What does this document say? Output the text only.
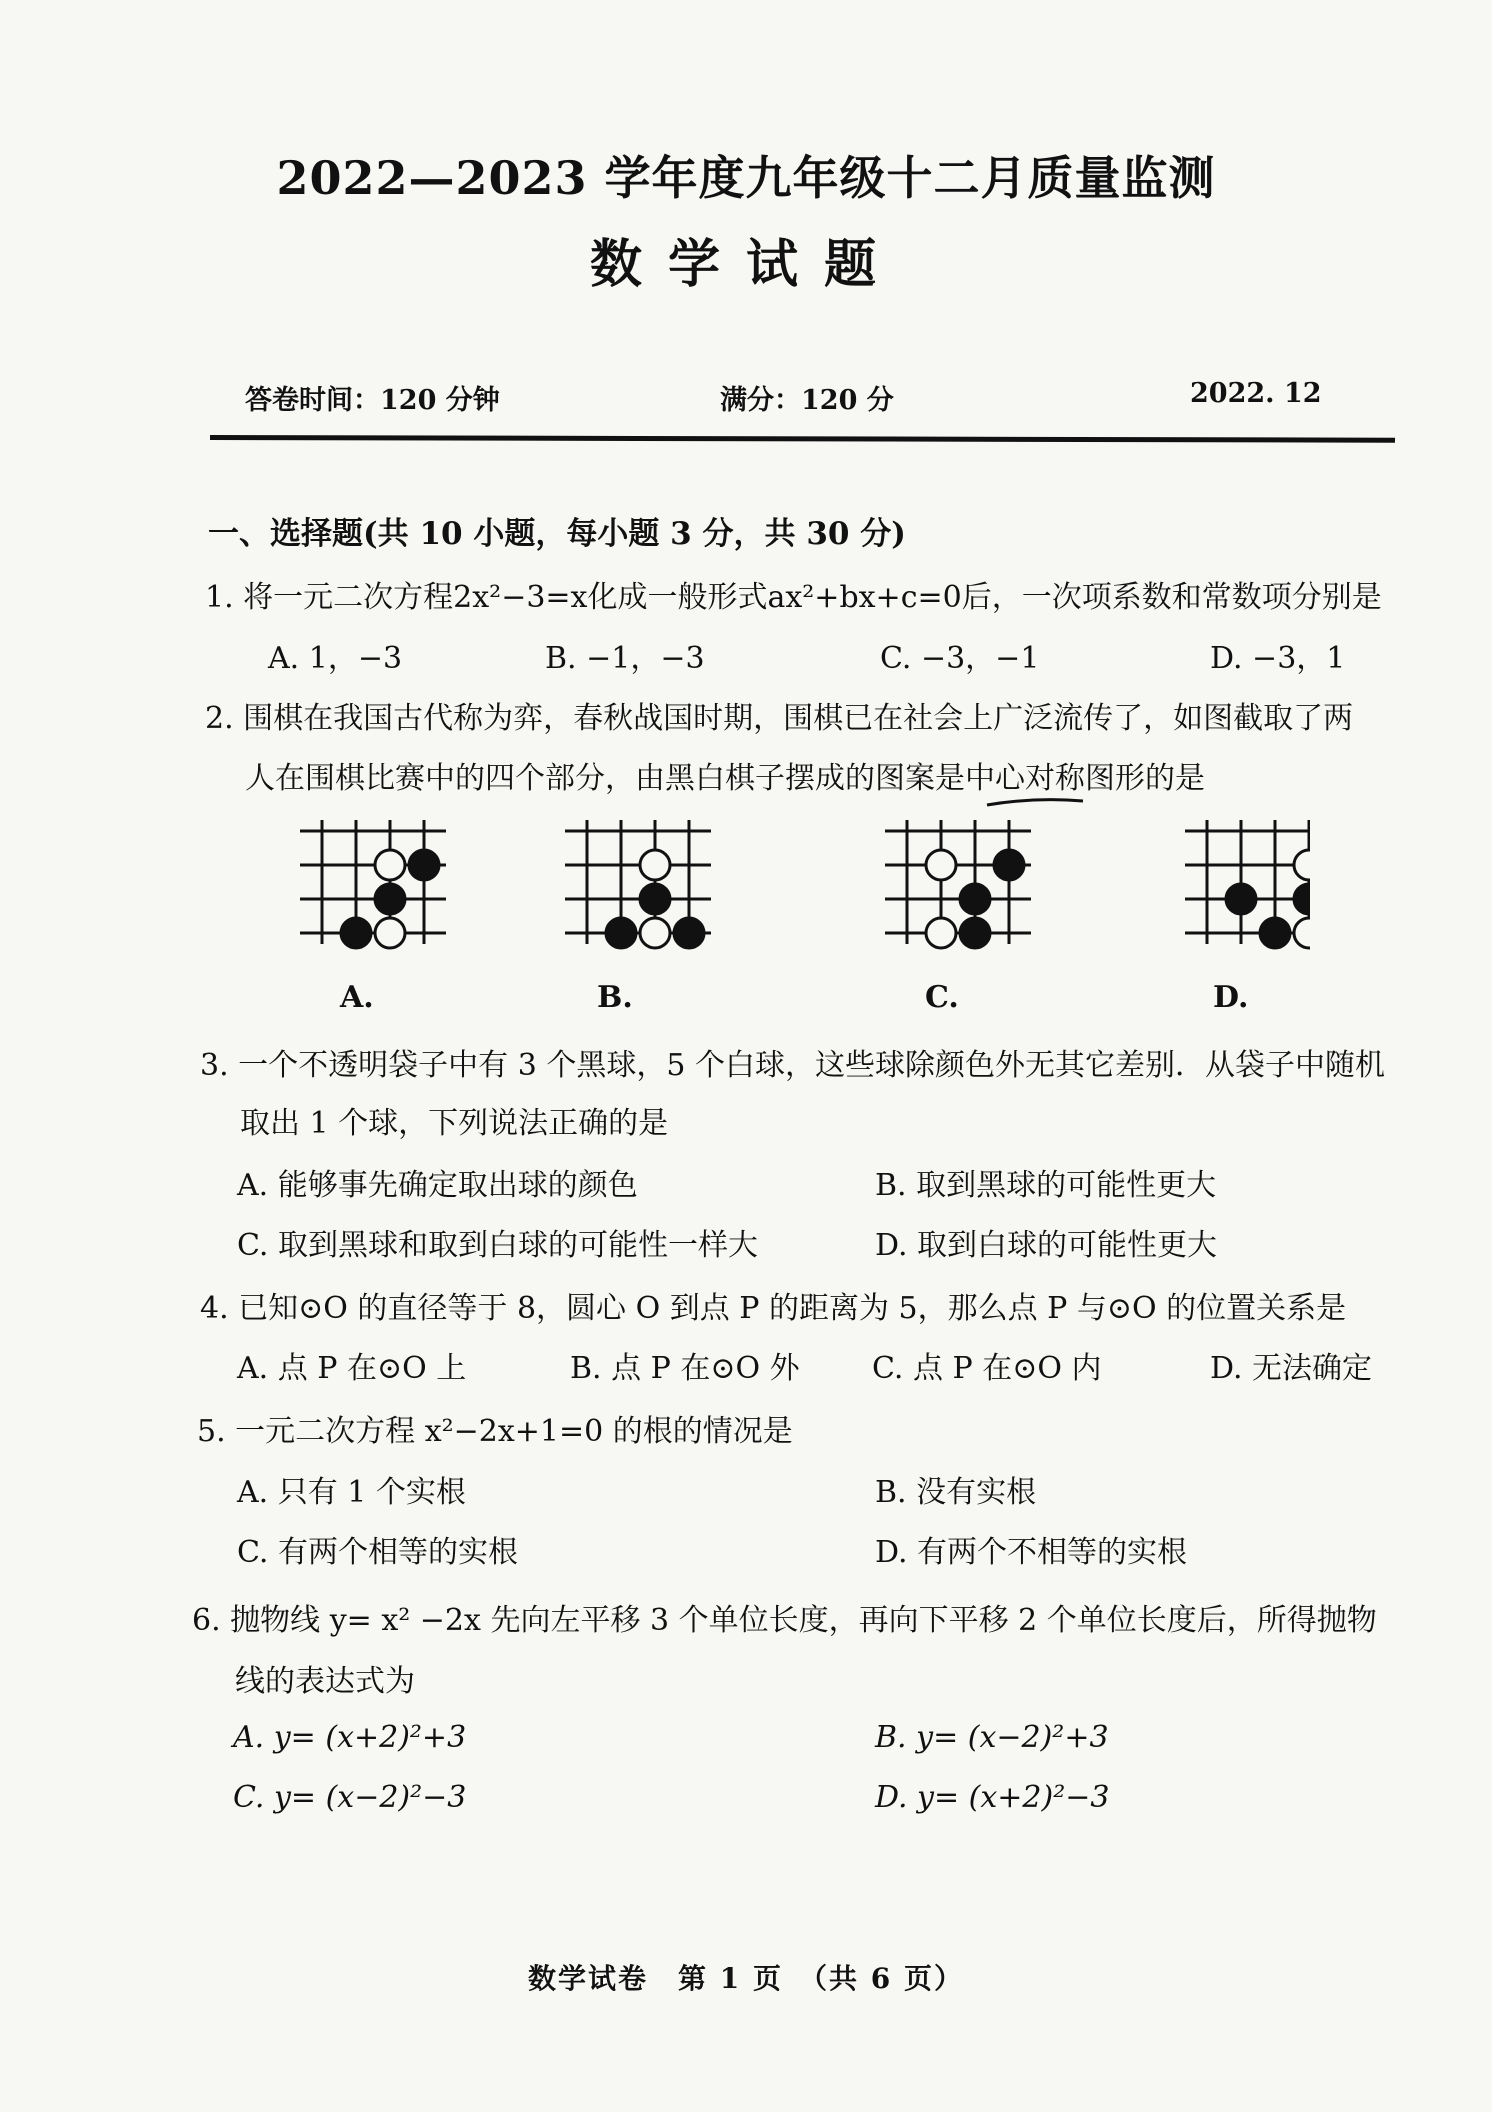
2022—2023 学年度九年级十二月质量监测
数学试题
答卷时间：120 分钟	满分：120 分	2022. 12
一、选择题(共 10 小题，每小题 3 分，共 30 分)
1. 将一元二次方程2x²−3=x化成一般形式ax²+bx+c=0后，一次项系数和常数项分别是
A. 1，−3	B. −1，−3	C. −3，−1	D. −3，1
2. 围棋在我国古代称为弈，春秋战国时期，围棋已在社会上广泛流传了，如图截取了两
人在围棋比赛中的四个部分，由黑白棋子摆成的图案是中心对称图形的是
A.	B.	C.	D.
3. 一个不透明袋子中有 3 个黑球，5 个白球，这些球除颜色外无其它差别．从袋子中随机
取出 1 个球，下列说法正确的是
A. 能够事先确定取出球的颜色	B. 取到黑球的可能性更大
C. 取到黑球和取到白球的可能性一样大	D. 取到白球的可能性更大
4. 已知⊙O 的直径等于 8，圆心 O 到点 P 的距离为 5，那么点 P 与⊙O 的位置关系是
A. 点 P 在⊙O 上	B. 点 P 在⊙O 外 C. 点 P 在⊙O 内	D. 无法确定
5. 一元二次方程 x²−2x+1=0 的根的情况是
A. 只有 1 个实根	B. 没有实根
C. 有两个相等的实根	D. 有两个不相等的实根
6. 抛物线 y= x² −2x 先向左平移 3 个单位长度，再向下平移 2 个单位长度后，所得抛物
线的表达式为
A. y= (x+2)²+3	B. y= (x−2)²+3
C. y= (x−2)²−3	D. y= (x+2)²−3
数学试卷　第 1 页　（共 6 页）
